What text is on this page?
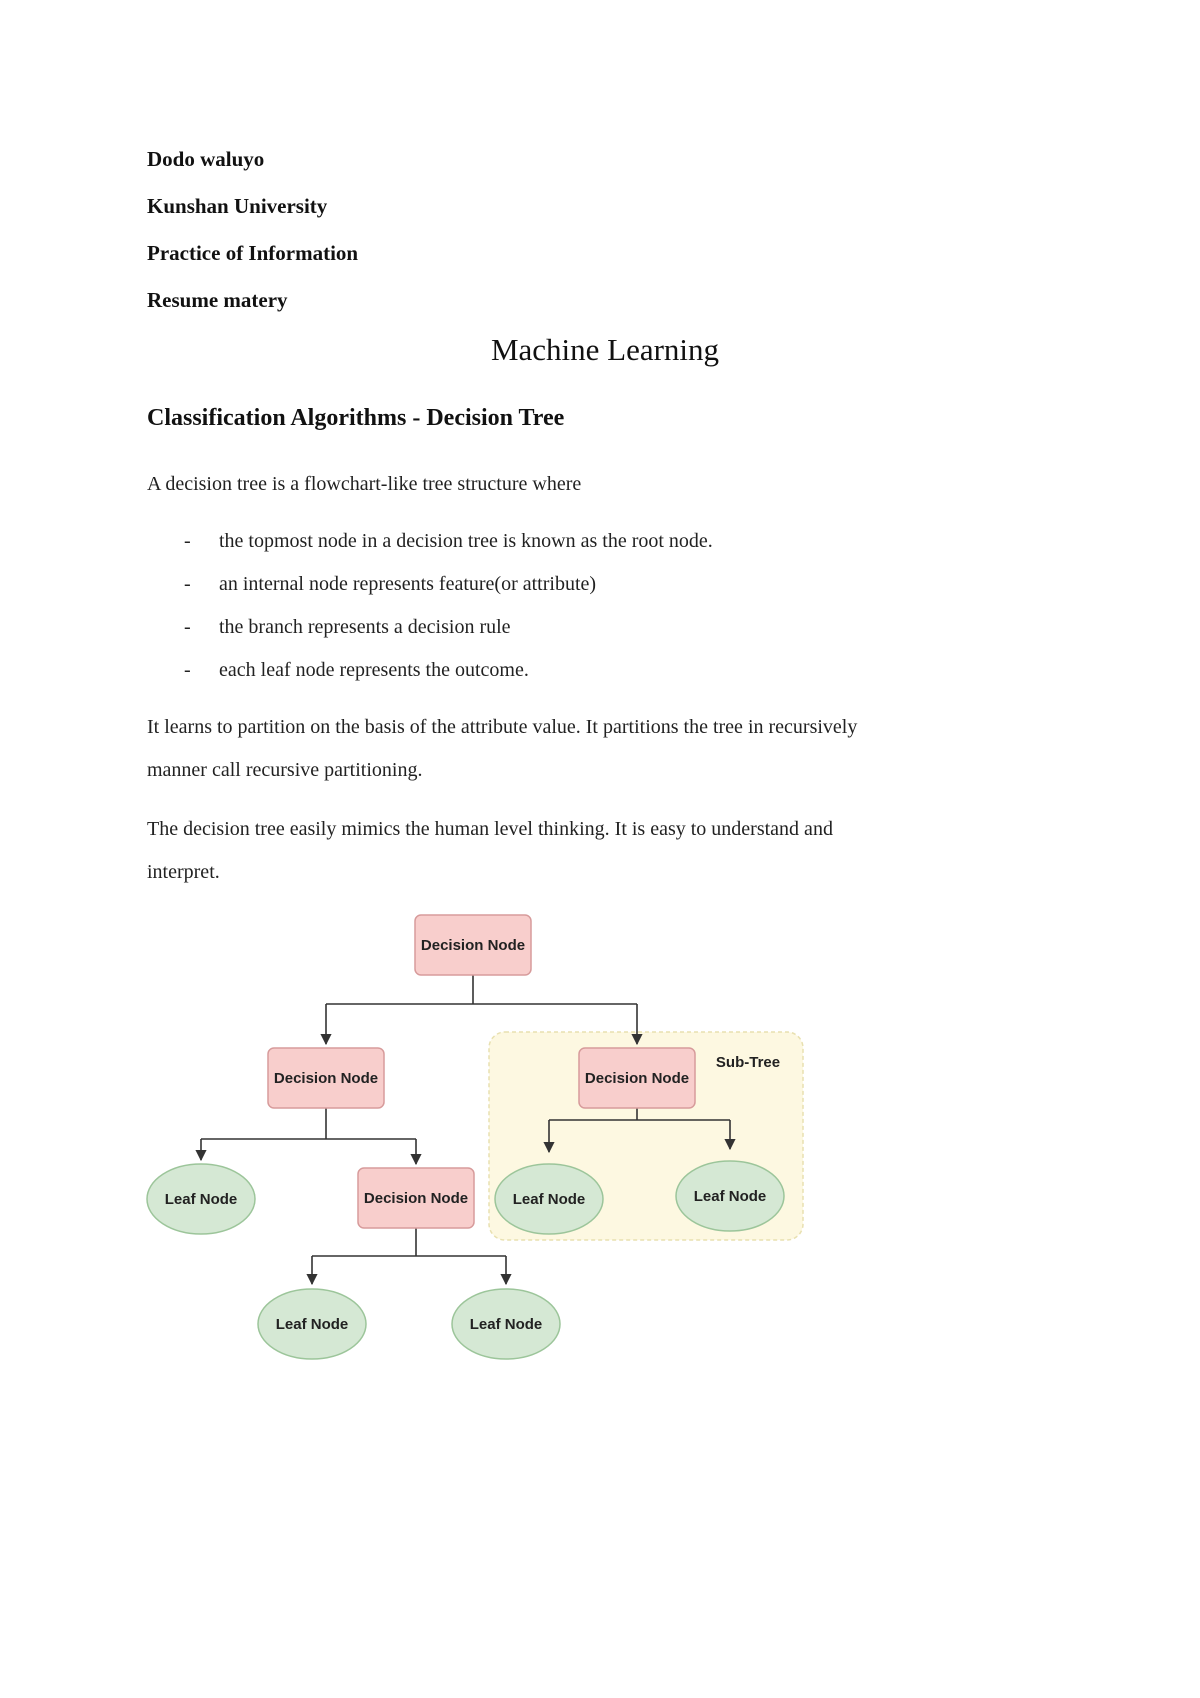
Dodo waluyo
Kunshan University
Practice of Information
Resume matery
Machine Learning
Classification Algorithms - Decision Tree
A decision tree is a flowchart-like tree structure where
- the topmost node in a decision tree is known as the root node.
- an internal node represents feature(or attribute)
- the branch represents a decision rule
- each leaf node represents the outcome.
It learns to partition on the basis of the attribute value. It partitions the tree in recursively
manner call recursive partitioning.
The decision tree easily mimics the human level thinking. It is easy to understand and
interpret.
Sub-Tree
Decision Node
Decision Node	Decision Node
Leaf Node	Decision Node	Leaf Node	Leaf Node
Leaf Node	Leaf Node
